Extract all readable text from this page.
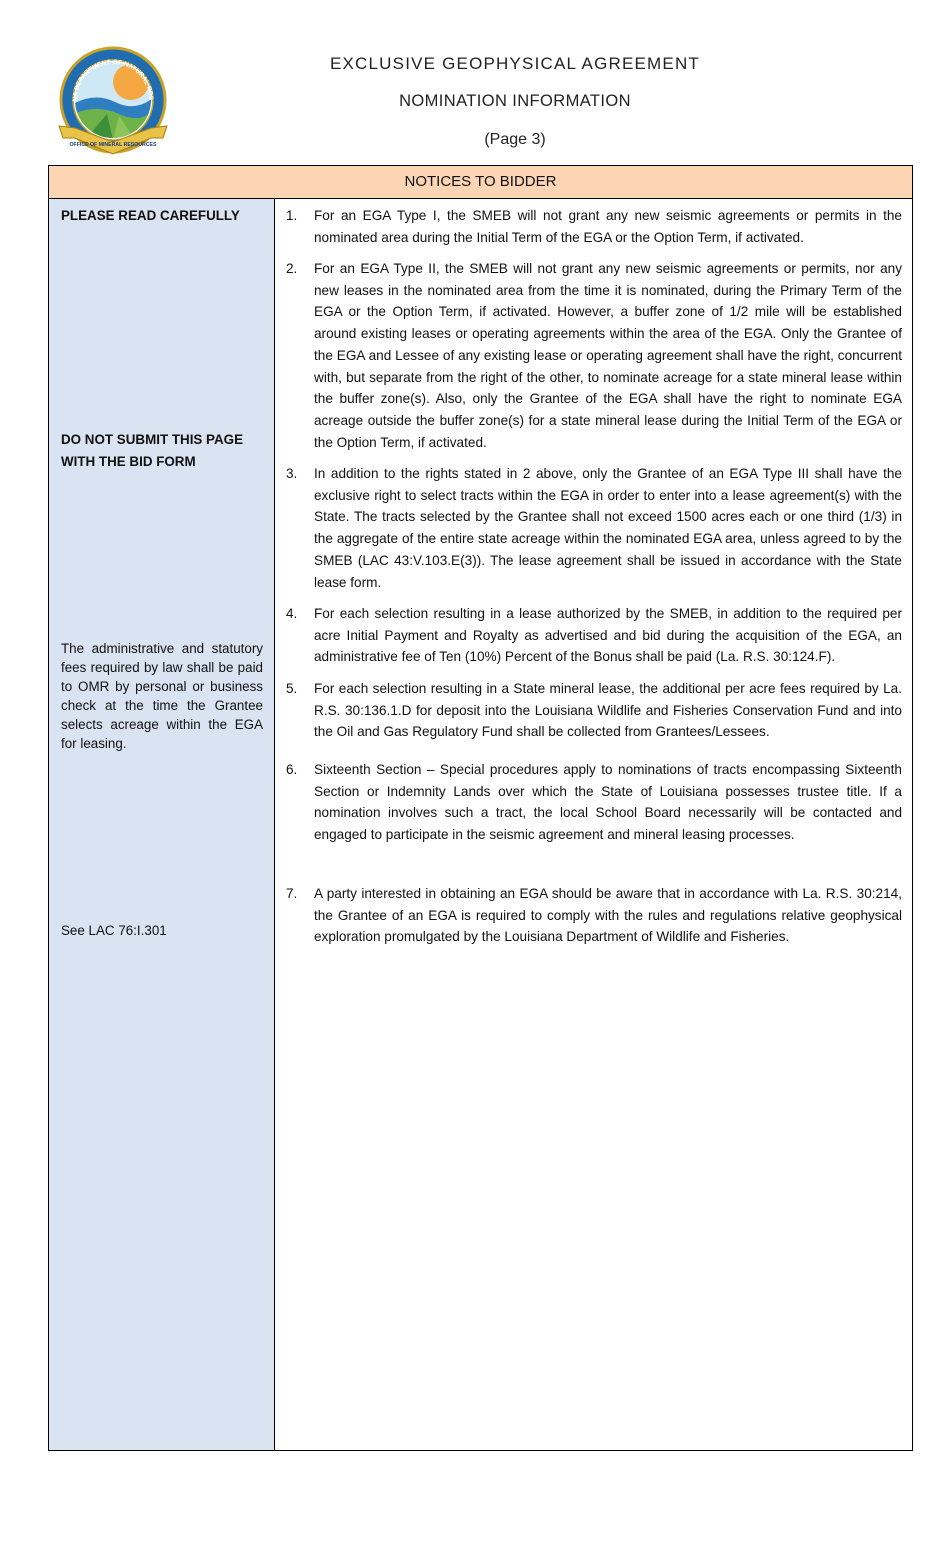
NA DEPARTMENT OF NATURAL RES
OFFICE OF MINERAL RESOURCES
EXCLUSIVE GEOPHYSICAL AGREEMENT
NOMINATION INFORMATION
(Page 3)
NOTICES TO BIDDER
PLEASE READ CAREFULLY
DO NOT SUBMIT THIS PAGE WITH THE BID FORM
The administrative and statutory fees required by law shall be paid to OMR by personal or business check at the time the Grantee selects acreage within the EGA for leasing.
See LAC 76:I.301
1.	For an EGA Type I, the SMEB will not grant any new seismic agreements or permits in the nominated area during the Initial Term of the EGA or the Option Term, if activated.
2.	For an EGA Type II, the SMEB will not grant any new seismic agreements or permits, nor any new leases in the nominated area from the time it is nominated, during the Primary Term of the EGA or the Option Term, if activated. However, a buffer zone of 1/2 mile will be established around existing leases or operating agreements within the area of the EGA. Only the Grantee of the EGA and Lessee of any existing lease or operating agreement shall have the right, concurrent with, but separate from the right of the other, to nominate acreage for a state mineral lease within the buffer zone(s). Also, only the Grantee of the EGA shall have the right to nominate EGA acreage outside the buffer zone(s) for a state mineral lease during the Initial Term of the EGA or the Option Term, if activated.
3.	In addition to the rights stated in 2 above, only the Grantee of an EGA Type III shall have the exclusive right to select tracts within the EGA in order to enter into a lease agreement(s) with the State. The tracts selected by the Grantee shall not exceed 1500 acres each or one third (1/3) in the aggregate of the entire state acreage within the nominated EGA area, unless agreed to by the SMEB (LAC 43:V.103.E(3)). The lease agreement shall be issued in accordance with the State lease form.
4.	For each selection resulting in a lease authorized by the SMEB, in addition to the required per acre Initial Payment and Royalty as advertised and bid during the acquisition of the EGA, an administrative fee of Ten (10%) Percent of the Bonus shall be paid (La. R.S. 30:124.F).
5.	For each selection resulting in a State mineral lease, the additional per acre fees required by La. R.S. 30:136.1.D for deposit into the Louisiana Wildlife and Fisheries Conservation Fund and into the Oil and Gas Regulatory Fund shall be collected from Grantees/Lessees.
6.	Sixteenth Section – Special procedures apply to nominations of tracts encompassing Sixteenth Section or Indemnity Lands over which the State of Louisiana possesses trustee title. If a nomination involves such a tract, the local School Board necessarily will be contacted and engaged to participate in the seismic agreement and mineral leasing processes.
7.	A party interested in obtaining an EGA should be aware that in accordance with La. R.S. 30:214, the Grantee of an EGA is required to comply with the rules and regulations relative geophysical exploration promulgated by the Louisiana Department of Wildlife and Fisheries.
